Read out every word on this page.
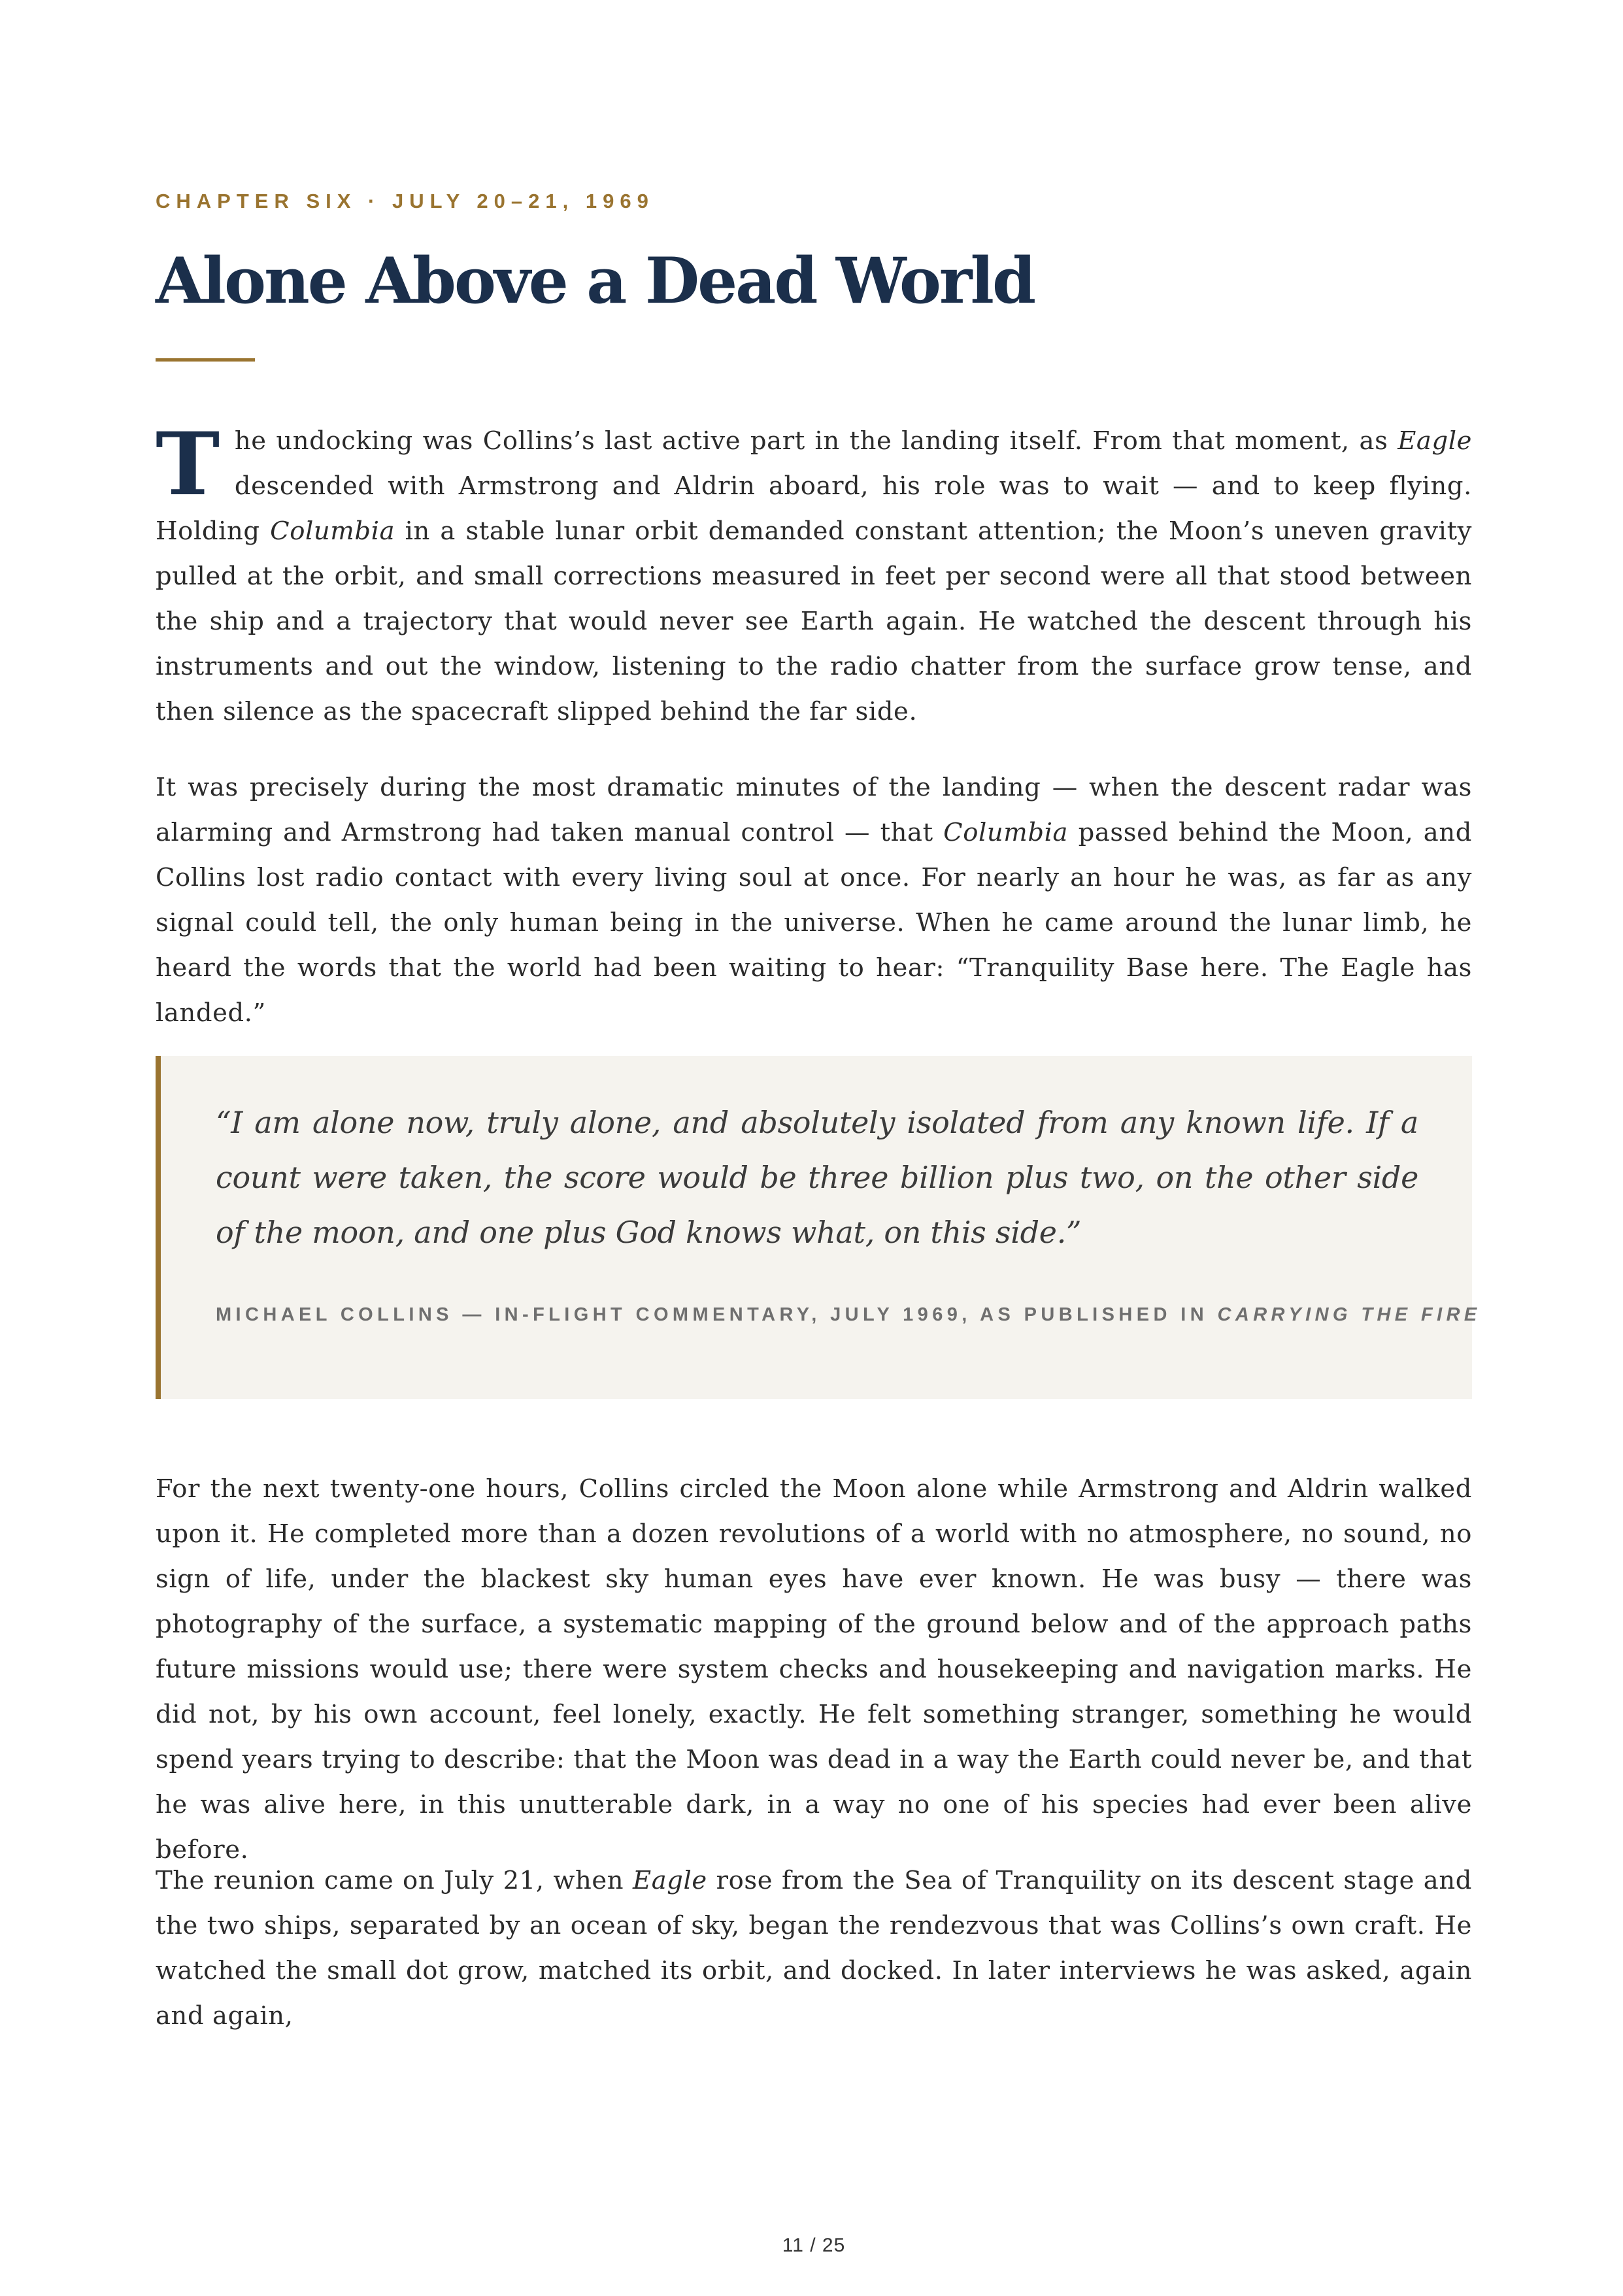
CHAPTER SIX · JULY 20–21, 1969
Alone Above a Dead World

The undocking was Collins’s last active part in the landing itself. From that moment, as Eagle descended with Armstrong and Aldrin aboard, his role was to wait — and to keep flying. Holding Columbia in a stable lunar orbit demanded constant attention; the Moon’s uneven gravity pulled at the orbit, and small corrections measured in feet per second were all that stood between the ship and a trajectory that would never see Earth again. He watched the descent through his instruments and out the window, listening to the radio chatter from the surface grow tense, and then silence as the spacecraft slipped behind the far side.

It was precisely during the most dramatic minutes of the landing — when the descent radar was alarming and Armstrong had taken manual control — that Columbia passed behind the Moon, and Collins lost radio contact with every living soul at once. For nearly an hour he was, as far as any signal could tell, the only human being in the universe. When he came around the lunar limb, he heard the words that the world had been waiting to hear: “Tranquility Base here. The Eagle has landed.”

“I am alone now, truly alone, and absolutely isolated from any known life. If a count were taken, the score would be three billion plus two, on the other side of the moon, and one plus God knows what, on this side.”

MICHAEL COLLINS — IN-FLIGHT COMMENTARY, JULY 1969, AS PUBLISHED IN CARRYING THE FIRE

For the next twenty-one hours, Collins circled the Moon alone while Armstrong and Aldrin walked upon it. He completed more than a dozen revolutions of a world with no atmosphere, no sound, no sign of life, under the blackest sky human eyes have ever known. He was busy — there was photography of the surface, a systematic mapping of the ground below and of the approach paths future missions would use; there were system checks and housekeeping and navigation marks. He did not, by his own account, feel lonely, exactly. He felt something stranger, something he would spend years trying to describe: that the Moon was dead in a way the Earth could never be, and that he was alive here, in this unutterable dark, in a way no one of his species had ever been alive before.

The reunion came on July 21, when Eagle rose from the Sea of Tranquility on its descent stage and the two ships, separated by an ocean of sky, began the rendezvous that was Collins’s own craft. He watched the small dot grow, matched its orbit, and docked. In later interviews he was asked, again and again,

11 / 25
